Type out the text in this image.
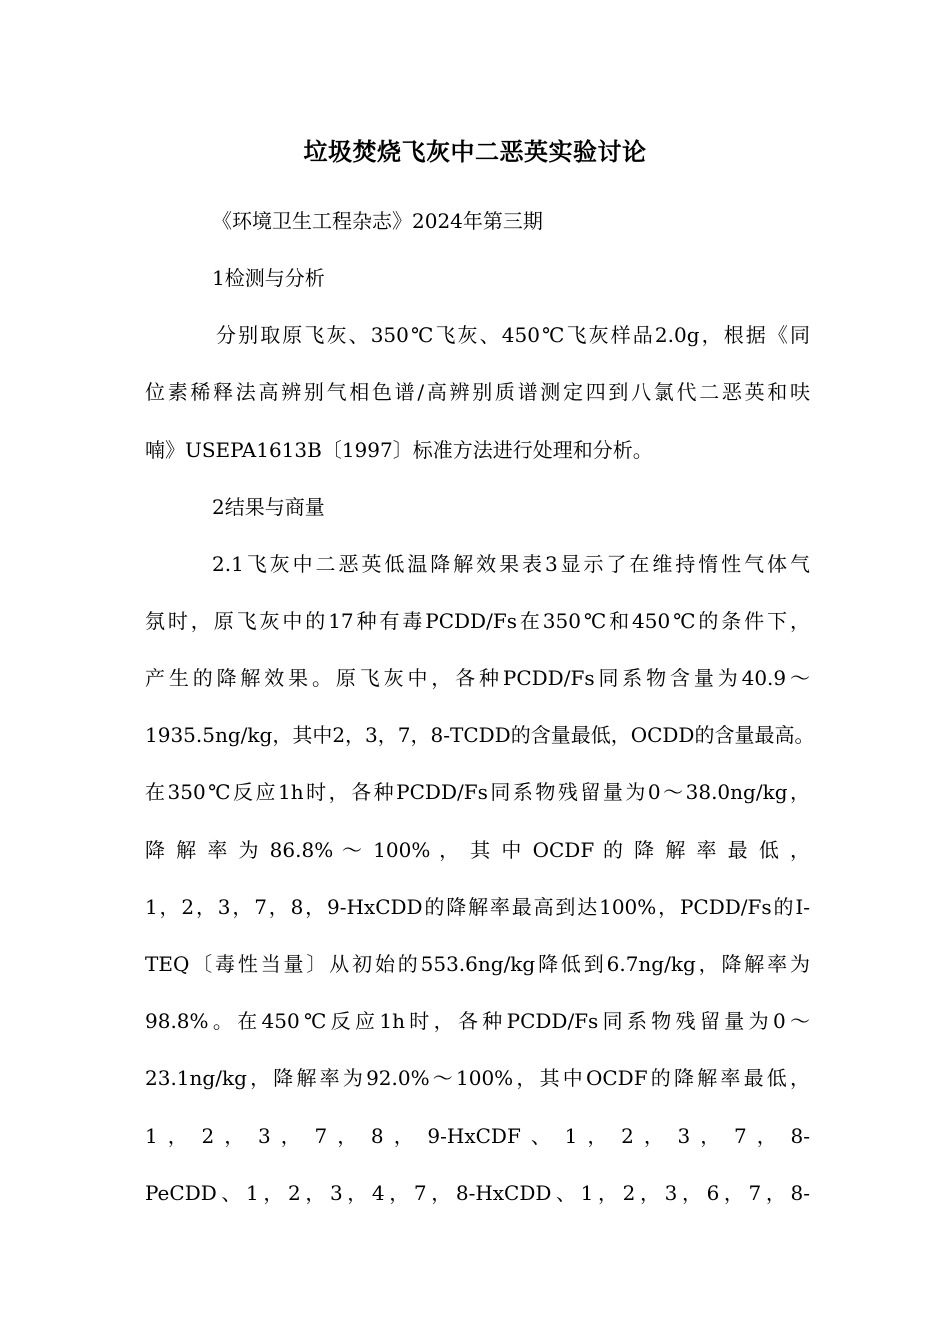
垃圾焚烧飞灰中二恶英实验讨论
《环境卫生工程杂志》2024年第三期
1检测与分析
分别取原飞灰、350℃飞灰、450℃飞灰样品2.0g，根据《同
位素稀释法高辨别气相色谱/高辨别质谱测定四到八氯代二恶英和呋
喃》USEPA1613B〔1997〕标准方法进行处理和分析。
2结果与商量
2.1飞灰中二恶英低温降解效果表3显示了在维持惰性气体气
氛时，原飞灰中的17种有毒PCDD/Fs在350℃和450℃的条件下，
产生的降解效果。原飞灰中，各种PCDD/Fs同系物含量为40.9～
1935.5ng/kg，其中2，3，7，8-TCDD的含量最低，OCDD的含量最高。
在350℃反应1h时，各种PCDD/Fs同系物残留量为0～38.0ng/kg，
降 解 率 为 86.8% ～ 100% ， 其 中 OCDF 的 降 解 率 最 低 ，
1，2，3，7，8，9-HxCDD的降解率最高到达100%，PCDD/Fs的I-
TEQ〔毒性当量〕从初始的553.6ng/kg降低到6.7ng/kg，降解率为
98.8%。在450℃反应1h时，各种PCDD/Fs同系物残留量为0～
23.1ng/kg，降解率为92.0%～100%，其中OCDF的降解率最低，
1 ， 2 ， 3 ， 7 ， 8 ， 9-HxCDF 、 1 ， 2 ， 3 ， 7 ， 8-
PeCDD、1，2，3，4，7，8-HxCDD、1，2，3，6，7，8-
